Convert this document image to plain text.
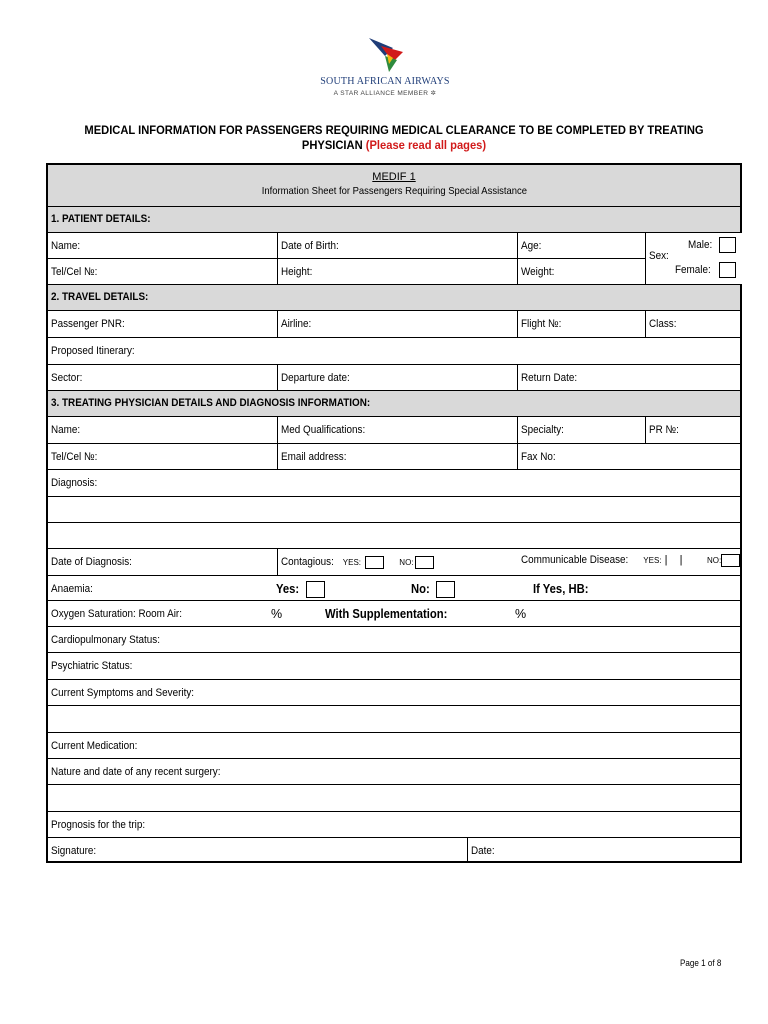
SOUTH AFRICAN AIRWAYS
A STAR ALLIANCE MEMBER ✲
MEDICAL INFORMATION FOR PASSENGERS REQUIRING MEDICAL CLEARANCE TO BE COMPLETED BY TREATING
PHYSICIAN (Please read all pages)
MEDIF 1
Information Sheet for Passengers Requiring Special Assistance
1. PATIENT DETAILS:
Name:	Date of Birth:	Age:
Tel/Cel №:	Height:	Weight:
Sex:
Male:
Female:
2. TRAVEL DETAILS:
Passenger PNR:	Airline:	Flight №:	Class:
Proposed Itinerary:
Sector:	Departure date:	Return Date:
3. TREATING PHYSICIAN DETAILS AND DIAGNOSIS INFORMATION:
Name:	Med Qualifications:	Specialty:	PR №:
Tel/Cel №:	Email address:	Fax No:
Diagnosis:
Date of Diagnosis:	Contagious: YES:	NO:	Communicable Disease: YES: |    |        NO:
Anaemia:	Yes:	No:	If Yes, HB:
Oxygen Saturation: Room Air:	%	With Supplementation:	%
Cardiopulmonary Status:
Psychiatric Status:
Current Symptoms and Severity:
Current Medication:
Nature and date of any recent surgery:
Prognosis for the trip:
Signature:	Date:
Page 1 of 8
